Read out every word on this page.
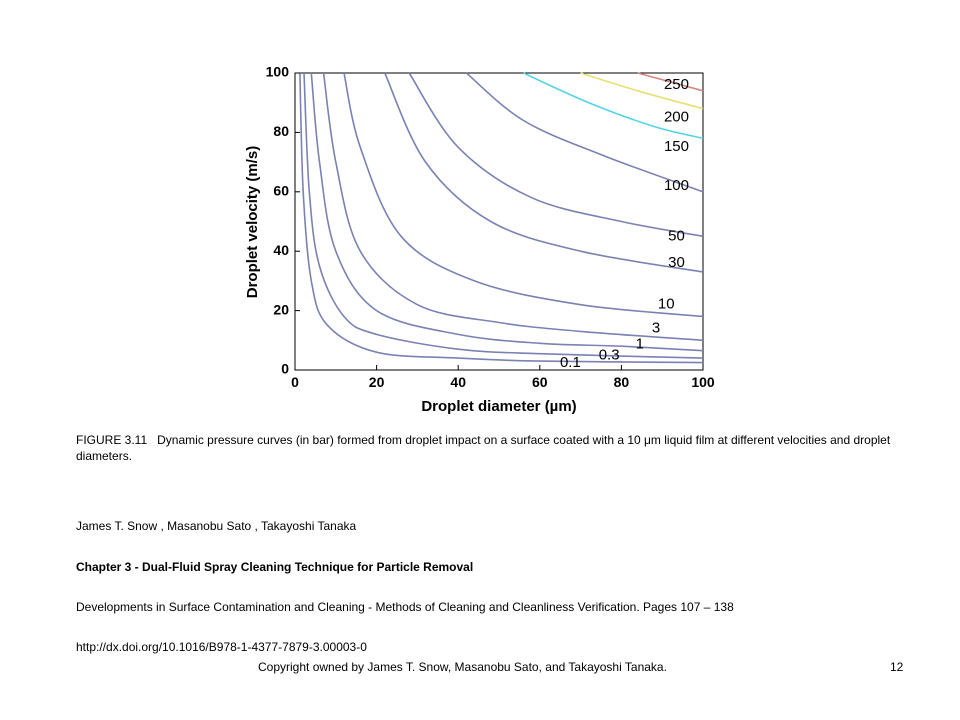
250
200
150
100
50
30
10
3
1
0.3
0.1
0	20	40	60	80	100
0
20
40
60
80
100
Droplet diameter (µm)
Droplet velocity (m/s)
FIGURE 3.11 Dynamic pressure curves (in bar) formed from droplet impact on a surface coated with a 10 μm liquid film at different velocities and droplet diameters.
James T. Snow , Masanobu Sato , Takayoshi Tanaka
Chapter 3 - Dual-Fluid Spray Cleaning Technique for Particle Removal
Developments in Surface Contamination and Cleaning - Methods of Cleaning and Cleanliness Verification. Pages 107 – 138
http://dx.doi.org/10.1016/B978-1-4377-7879-3.00003-0
Copyright owned by James T. Snow, Masanobu Sato, and Takayoshi Tanaka.	12
